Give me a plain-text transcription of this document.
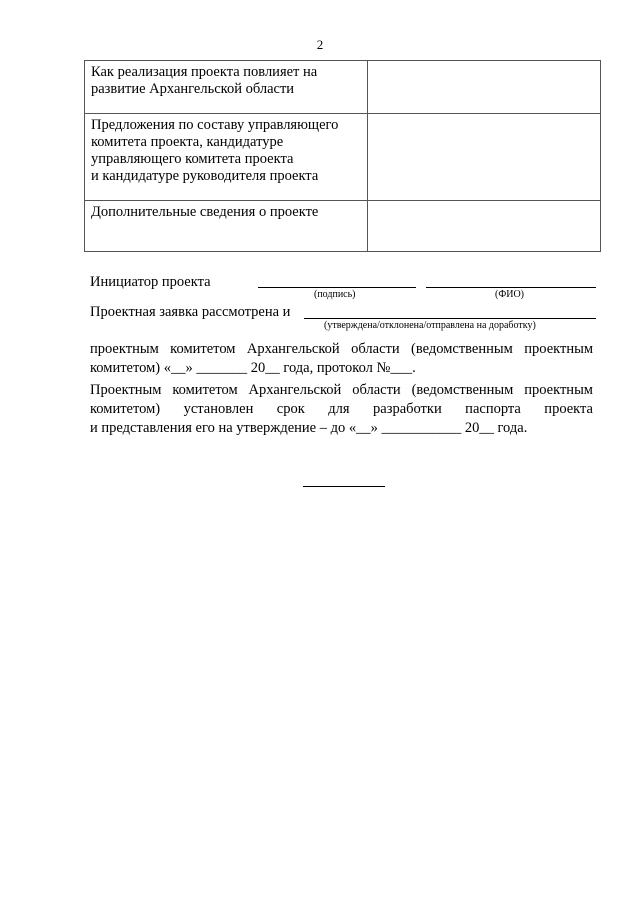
2
Как реализация проекта повлияет на
развитие Архангельской области	
Предложения по составу управляющего
комитета проекта, кандидатуре
управляющего комитета проекта
и кандидатуре руководителя проекта	
Дополнительные сведения о проекте	
Инициатор проекта
(подпись)	(ФИО)
Проектная заявка рассмотрена и
(утверждена/отклонена/отправлена на доработку)
проектным комитетом Архангельской области (ведомственным проектным
комитетом) «__» _______ 20__ года, протокол №___.
Проектным комитетом Архангельской области (ведомственным проектным
комитетом) установлен срок для разработки паспорта проекта
и представления его на утверждение – до «__» ___________ 20__ года.
